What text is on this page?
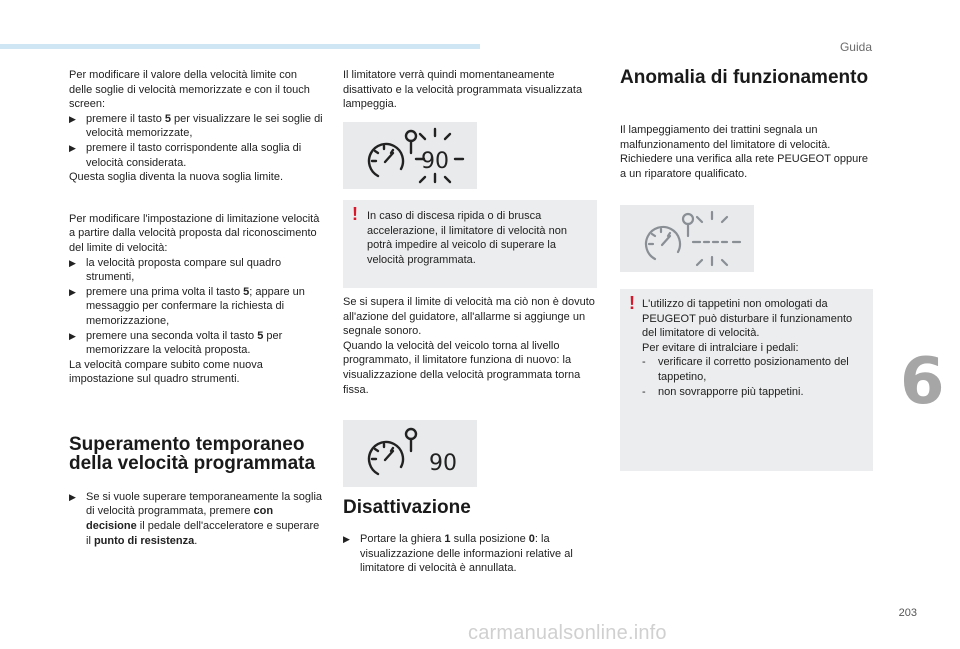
Guida
6
203
carmanualsonline.info

Per modificare il valore della velocità limite con delle soglie di velocità memorizzate e con il touch screen:

▶ premere il tasto 5 per visualizzare le sei soglie di velocità memorizzate,
▶ premere il tasto corrispondente alla soglia di velocità considerata.

Questa soglia diventa la nuova soglia limite.

Per modificare l'impostazione di limitazione velocità a partire dalla velocità proposta dal riconoscimento del limite di velocità:

▶ la velocità proposta compare sul quadro strumenti,
▶ premere una prima volta il tasto 5; appare un messaggio per confermare la richiesta di memorizzazione,
▶ premere una seconda volta il tasto 5 per memorizzare la velocità proposta.

La velocità compare subito come nuova impostazione sul quadro strumenti.

Superamento temporaneo
della velocità programmata
▶ Se si vuole superare temporaneamente la soglia di velocità programmata, premere con decisione il pedale dell'acceleratore e superare il punto di resistenza.

Il limitatore verrà quindi momentaneamente disattivato e la velocità programmata visualizzata lampeggia.

90
! In caso di discesa ripida o di brusca accelerazione, il limitatore di velocità non potrà impedire al veicolo di superare la velocità programmata.

Se si supera il limite di velocità ma ciò non è dovuto all'azione del guidatore, all'allarme si aggiunge un segnale sonoro.

Quando la velocità del veicolo torna al livello programmato, il limitatore funziona di nuovo: la visualizzazione della velocità programmata torna fissa.

90
Disattivazione
▶ Portare la ghiera 1 sulla posizione 0: la visualizzazione delle informazioni relative al limitatore di velocità è annullata.
Anomalia di funzionamento

Il lampeggiamento dei trattini segnala un malfunzionamento del limitatore di velocità. Richiedere una verifica alla rete PEUGEOT oppure a un riparatore qualificato.

! L'utilizzo di tappetini non omologati da PEUGEOT può disturbare il funzionamento del limitatore di velocità.

Per evitare di intralciare i pedali:

- verificare il corretto posizionamento del tappetino,
- non sovrapporre più tappetini.
